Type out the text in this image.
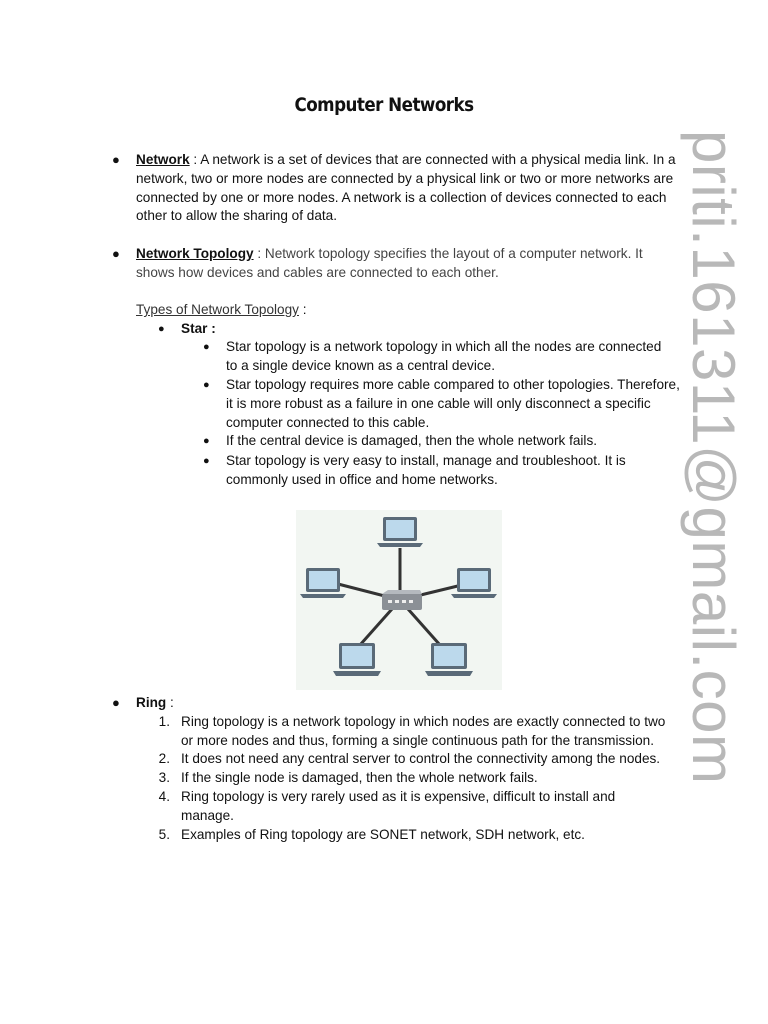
Computer Networks
priti.161311@gmail.com
● Network : A network is a set of devices that are connected with a physical media link. In a network, two or more nodes are connected by a physical link or two or more networks are connected by one or more nodes. A network is a collection of devices connected to each other to allow the sharing of data.
● Network Topology : Network topology specifies the layout of a computer network. It shows how devices and cables are connected to each other.
Types of Network Topology :
● Star :
● Star topology is a network topology in which all the nodes are connected to a single device known as a central device.
● Star topology requires more cable compared to other topologies. Therefore, it is more robust as a failure in one cable will only disconnect a specific computer connected to this cable.
● If the central device is damaged, then the whole network fails.
● Star topology is very easy to install, manage and troubleshoot. It is commonly used in office and home networks.
● Ring :
1. Ring topology is a network topology in which nodes are exactly connected to two or more nodes and thus, forming a single continuous path for the transmission.
2. It does not need any central server to control the connectivity among the nodes.
3. If the single node is damaged, then the whole network fails.
4. Ring topology is very rarely used as it is expensive, difficult to install and manage.
5. Examples of Ring topology are SONET network, SDH network, etc.
